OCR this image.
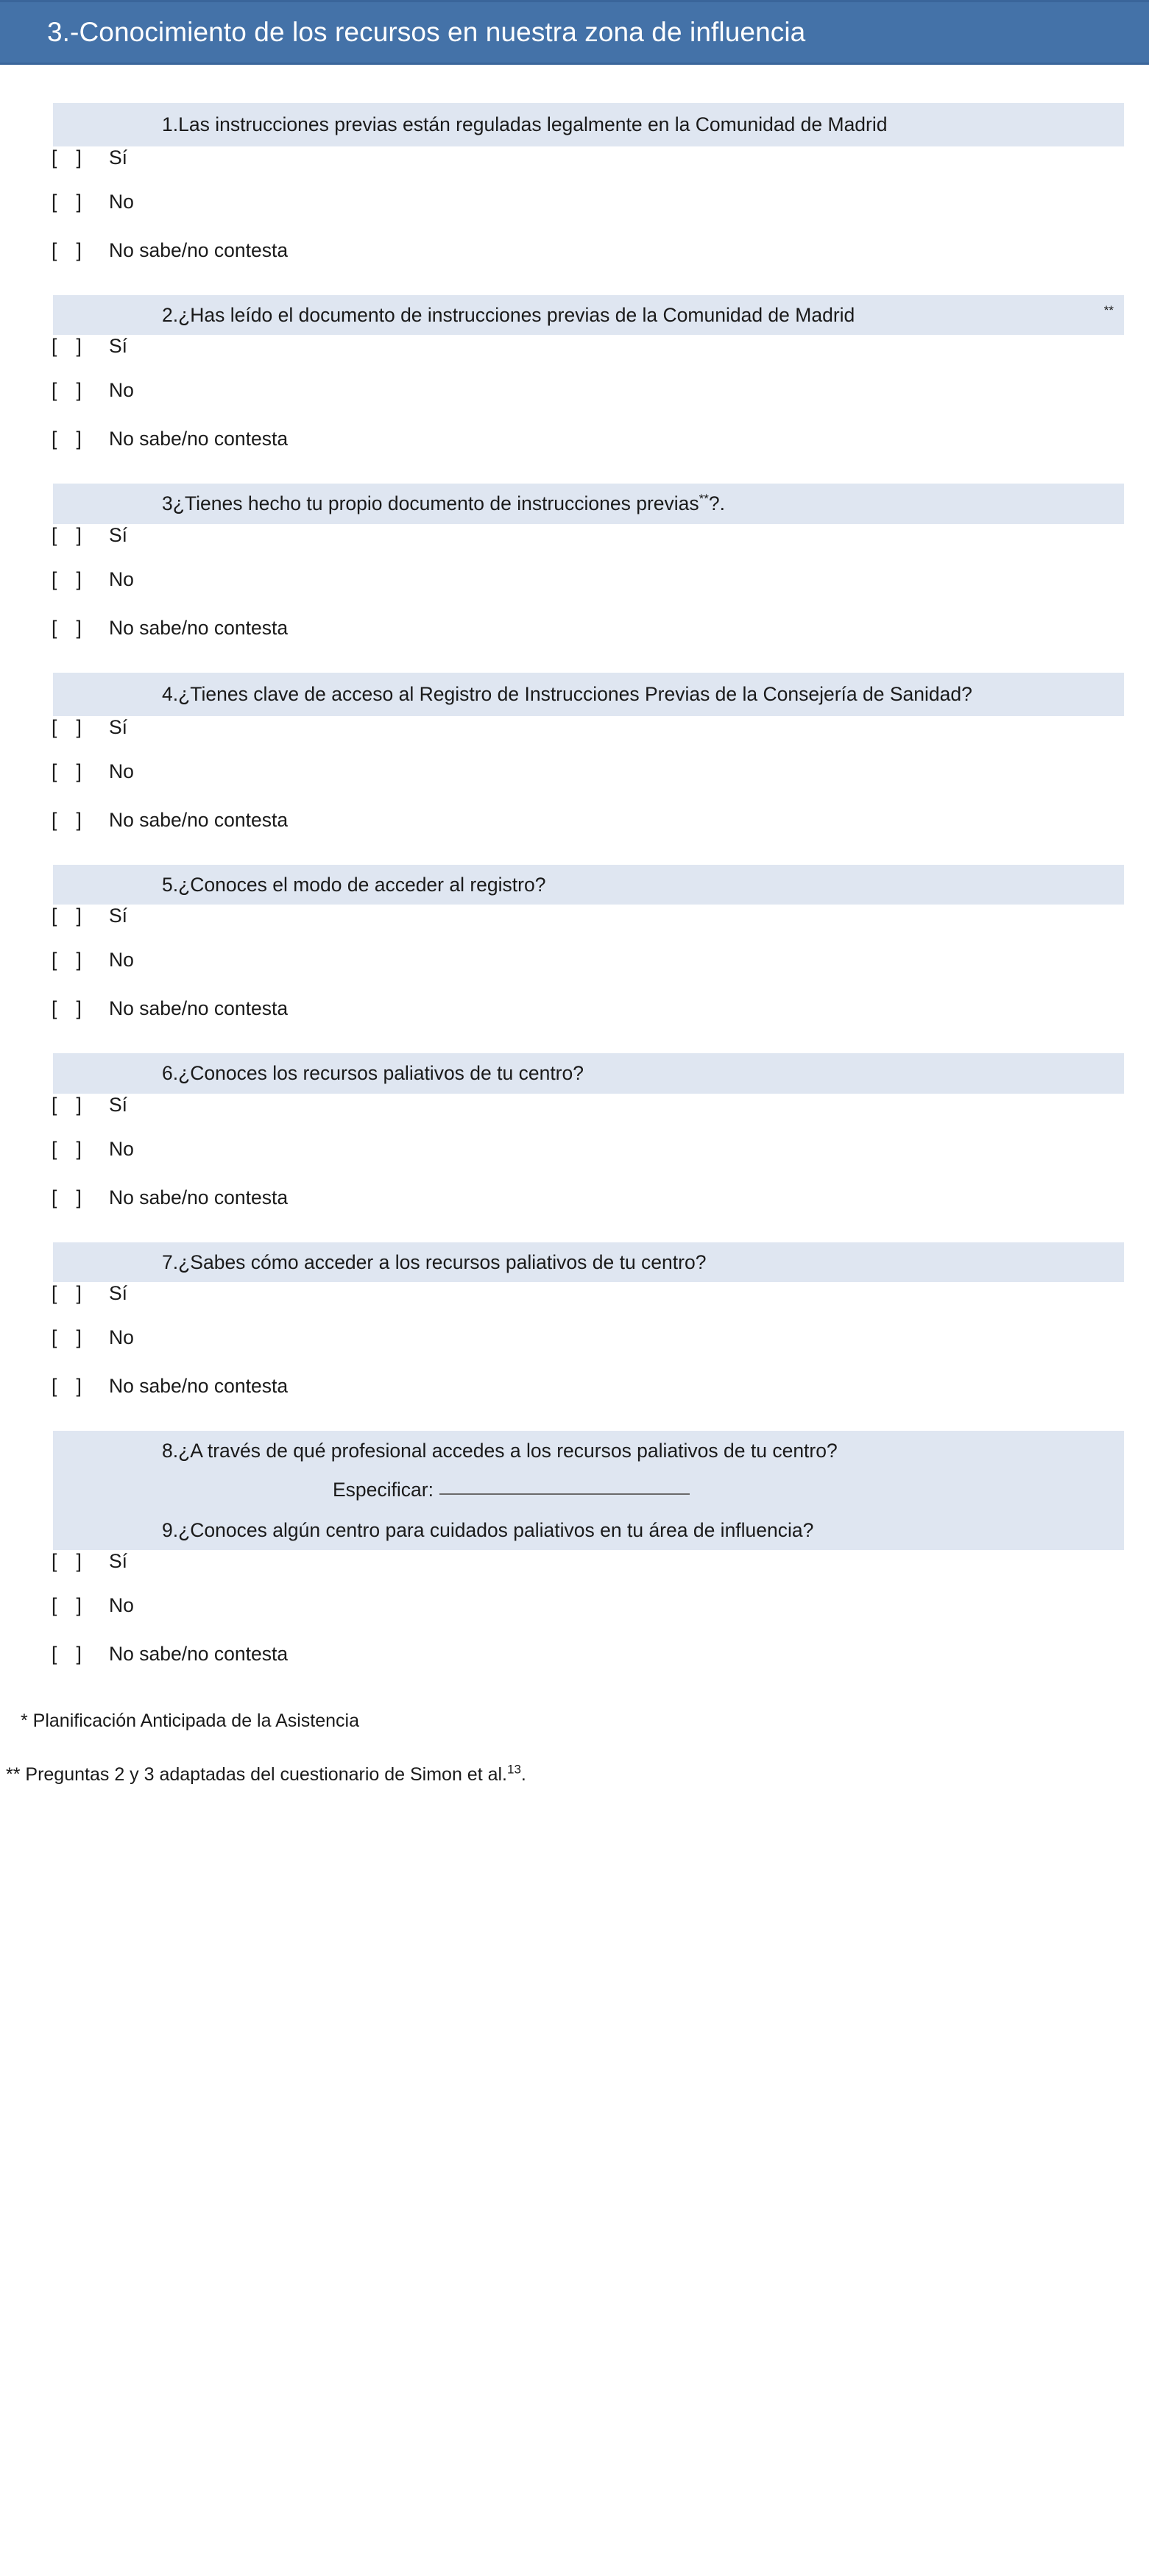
3.-Conocimiento de los recursos en nuestra zona de influencia
1.Las instrucciones previas están reguladas legalmente en la Comunidad de Madrid
[   ]	Sí
[   ]	No
[   ]	No sabe/no contesta
2.¿Has leído el documento de instrucciones previas de la Comunidad de Madrid	**
[   ]	Sí
[   ]	No
[   ]	No sabe/no contesta
3¿Tienes hecho tu propio documento de instrucciones previas**?.
[   ]	Sí
[   ]	No
[   ]	No sabe/no contesta
4.¿Tienes clave de acceso al Registro de Instrucciones Previas de la Consejería de Sanidad?
[   ]	Sí
[   ]	No
[   ]	No sabe/no contesta
5.¿Conoces el modo de acceder al registro?
[   ]	Sí
[   ]	No
[   ]	No sabe/no contesta
6.¿Conoces los recursos paliativos de tu centro?
[   ]	Sí
[   ]	No
[   ]	No sabe/no contesta
7.¿Sabes cómo acceder a los recursos paliativos de tu centro?
[   ]	Sí
[   ]	No
[   ]	No sabe/no contesta
8.¿A través de qué profesional accedes a los recursos paliativos de tu centro?
Especificar:
9.¿Conoces algún centro para cuidados paliativos en tu área de influencia?
[   ]	Sí
[   ]	No
[   ]	No sabe/no contesta
* Planificación Anticipada de la Asistencia
** Preguntas 2 y 3 adaptadas del cuestionario de Simon et al.$^{13}$.
